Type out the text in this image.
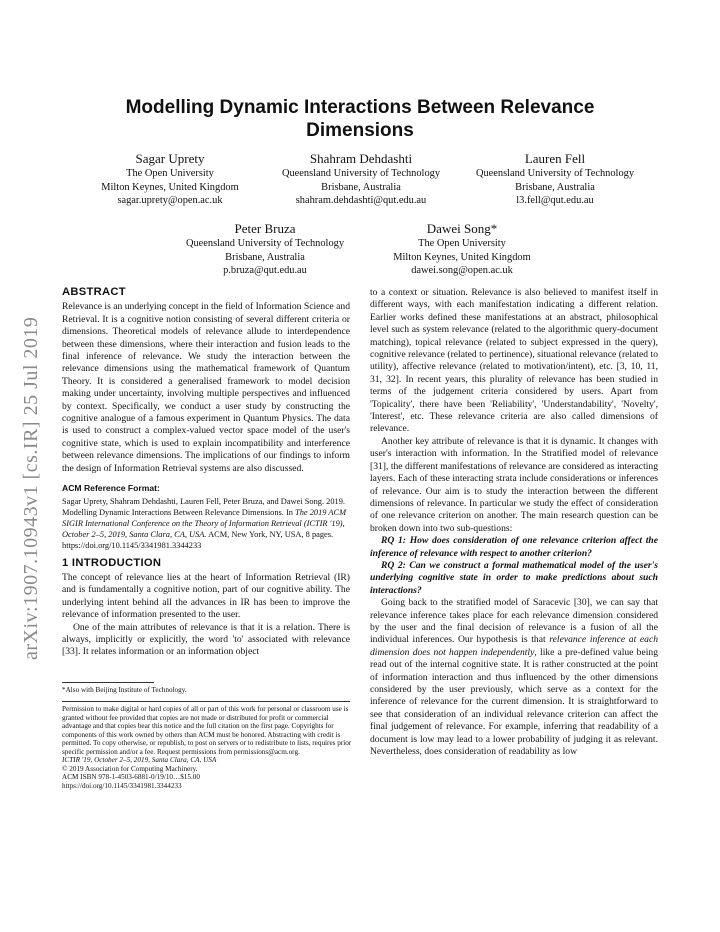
arXiv:1907.10943v1 [cs.IR] 25 Jul 2019
Modelling Dynamic Interactions Between Relevance
Dimensions
Sagar Uprety
The Open University
Milton Keynes, United Kingdom
sagar.uprety@open.ac.uk
Shahram Dehdashti
Queensland University of Technology
Brisbane, Australia
shahram.dehdashti@qut.edu.au
Lauren Fell
Queensland University of Technology
Brisbane, Australia
l3.fell@qut.edu.au
Peter Bruza
Queensland University of Technology
Brisbane, Australia
p.bruza@qut.edu.au
Dawei Song*
The Open University
Milton Keynes, United Kingdom
dawei.song@open.ac.uk
ABSTRACT

Relevance is an underlying concept in the field of Information Science and Retrieval. It is a cognitive notion consisting of several different criteria or dimensions. Theoretical models of relevance allude to interdependence between these dimensions, where their interaction and fusion leads to the final inference of relevance. We study the interaction between the relevance dimensions using the mathematical framework of Quantum Theory. It is considered a generalised framework to model decision making under uncertainty, involving multiple perspectives and influenced by context. Specifically, we conduct a user study by constructing the cognitive analogue of a famous experiment in Quantum Physics. The data is used to construct a complex-valued vector space model of the user's cognitive state, which is used to explain incompatibility and interference between relevance dimensions. The implications of our findings to inform the design of Information Retrieval systems are also discussed.

ACM Reference Format:

Sagar Uprety, Shahram Dehdashti, Lauren Fell, Peter Bruza, and Dawei Song. 2019. Modelling Dynamic Interactions Between Relevance Dimensions. In The 2019 ACM SIGIR International Conference on the Theory of Information Retrieval (ICTIR '19), October 2–5, 2019, Santa Clara, CA, USA. ACM, New York, NY, USA, 8 pages. https://doi.org/10.1145/3341981.3344233

1 INTRODUCTION

The concept of relevance lies at the heart of Information Retrieval (IR) and is fundamentally a cognitive notion, part of our cognitive ability. The underlying intent behind all the advances in IR has been to improve the relevance of information presented to the user.

One of the main attributes of relevance is that it is a relation. There is always, implicitly or explicitly, the word 'to' associated with relevance [33]. It relates information or an information object

*Also with Beijing Institute of Technology.
Permission to make digital or hard copies of all or part of this work for personal or classroom use is granted without fee provided that copies are not made or distributed for profit or commercial advantage and that copies bear this notice and the full citation on the first page. Copyrights for components of this work owned by others than ACM must be honored. Abstracting with credit is permitted. To copy otherwise, or republish, to post on servers or to redistribute to lists, requires prior specific permission and/or a fee. Request permissions from permissions@acm.org.
ICTIR '19, October 2–5, 2019, Santa Clara, CA, USA
© 2019 Association for Computing Machinery.
ACM ISBN 978-1-4503-6881-0/19/10…$15.00
https://doi.org/10.1145/3341981.3344233

to a context or situation. Relevance is also believed to manifest itself in different ways, with each manifestation indicating a different relation. Earlier works defined these manifestations at an abstract, philosophical level such as system relevance (related to the algorithmic query-document matching), topical relevance (related to subject expressed in the query), cognitive relevance (related to pertinence), situational relevance (related to utility), affective relevance (related to motivation/intent), etc. [3, 10, 11, 31, 32]. In recent years, this plurality of relevance has been studied in terms of the judgement criteria considered by users. Apart from 'Topicality', there have been 'Reliability', 'Understandability', 'Novelty', 'Interest', etc. These relevance criteria are also called dimensions of relevance.

Another key attribute of relevance is that it is dynamic. It changes with user's interaction with information. In the Stratified model of relevance [31], the different manifestations of relevance are considered as interacting layers. Each of these interacting strata include considerations or inferences of relevance. Our aim is to study the interaction between the different dimensions of relevance. In particular we study the effect of consideration of one relevance criterion on another. The main research question can be broken down into two sub-questions:

RQ 1: How does consideration of one relevance criterion affect the inference of relevance with respect to another criterion?

RQ 2: Can we construct a formal mathematical model of the user's underlying cognitive state in order to make predictions about such interactions?

Going back to the stratified model of Saracevic [30], we can say that relevance inference takes place for each relevance dimension considered by the user and the final decision of relevance is a fusion of all the individual inferences. Our hypothesis is that relevance inference at each dimension does not happen independently, like a pre-defined value being read out of the internal cognitive state. It is rather constructed at the point of information interaction and thus influenced by the other dimensions considered by the user previously, which serve as a context for the inference of relevance for the current dimension. It is straightforward to see that consideration of an individual relevance criterion can affect the final judgement of relevance. For example, inferring that readability of a document is low may lead to a lower probability of judging it as relevant. Nevertheless, does consideration of readability as low
